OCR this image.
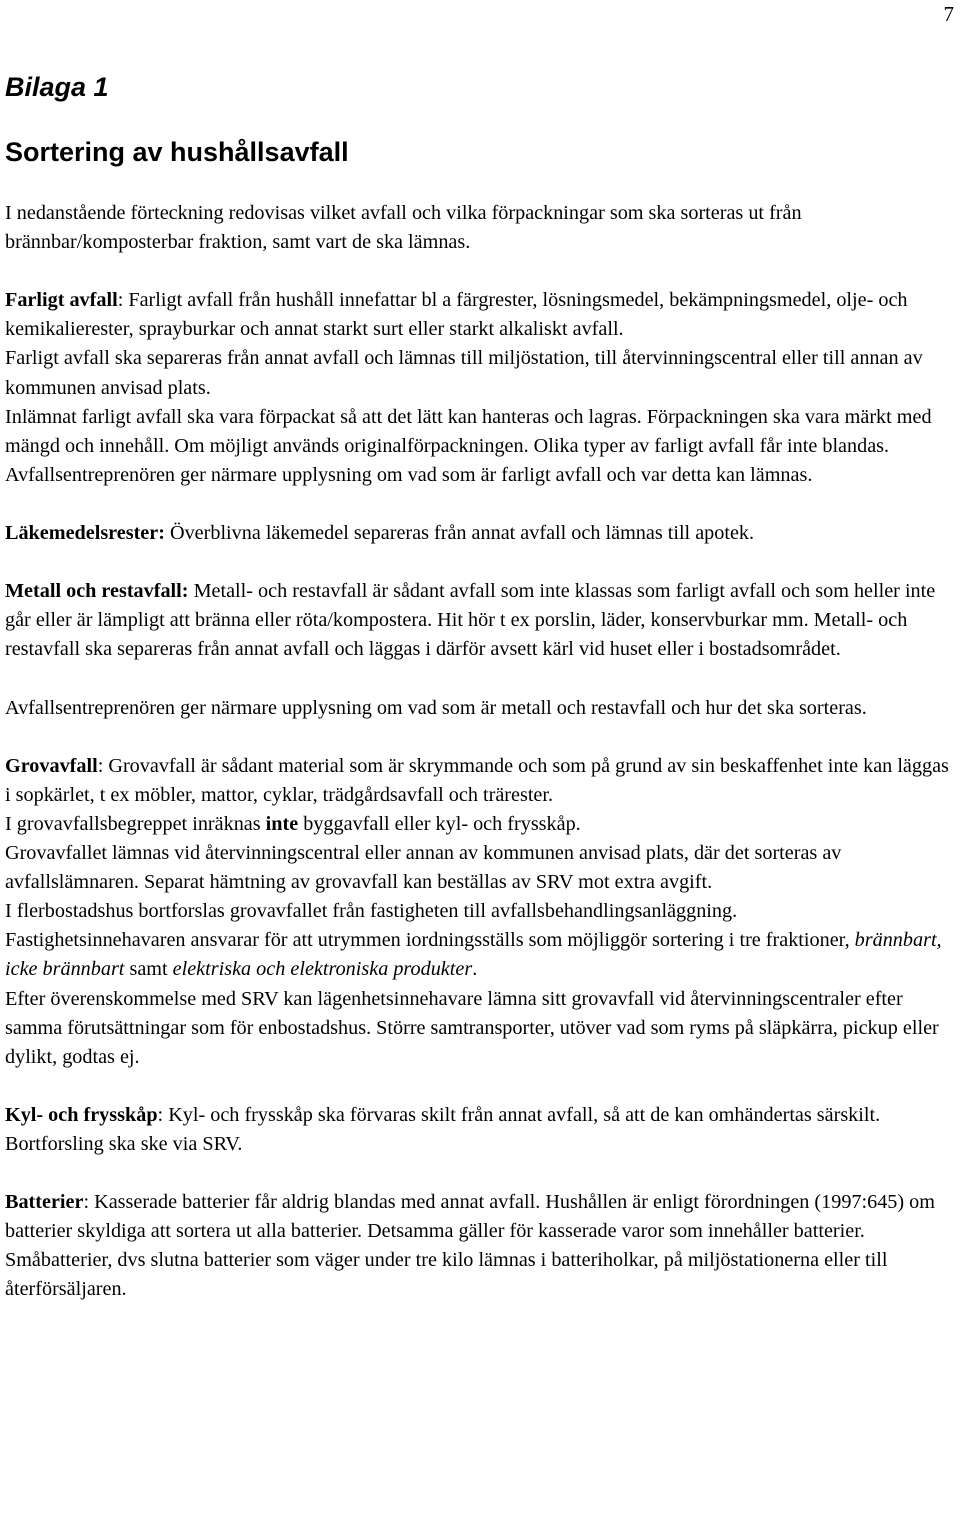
7
Bilaga 1
Sortering av hushållsavfall

I nedanstående förteckning redovisas vilket avfall och vilka förpackningar som ska sorteras ut från brännbar/komposterbar fraktion, samt vart de ska lämnas.

Farligt avfall: Farligt avfall från hushåll innefattar bl a färgrester, lösningsmedel, bekämpningsmedel, olje- och kemikalierester, sprayburkar och annat starkt surt eller starkt alkaliskt avfall.

Farligt avfall ska separeras från annat avfall och lämnas till miljöstation, till återvinningscentral eller till annan av kommunen anvisad plats.

Inlämnat farligt avfall ska vara förpackat så att det lätt kan hanteras och lagras. Förpackningen ska vara märkt med mängd och innehåll. Om möjligt används originalförpackningen. Olika typer av farligt avfall får inte blandas.

Avfallsentreprenören ger närmare upplysning om vad som är farligt avfall och var detta kan lämnas.

Läkemedelsrester: Överblivna läkemedel separeras från annat avfall och lämnas till apotek.

Metall och restavfall: Metall- och restavfall är sådant avfall som inte klassas som farligt avfall och som heller inte går eller är lämpligt att bränna eller röta/kompostera. Hit hör t ex porslin, läder, konservburkar mm. Metall- och restavfall ska separeras från annat avfall och läggas i därför avsett kärl vid huset eller i bostadsområdet.

Avfallsentreprenören ger närmare upplysning om vad som är metall och restavfall och hur det ska sorteras.

Grovavfall: Grovavfall är sådant material som är skrymmande och som på grund av sin beskaffenhet inte kan läggas i sopkärlet, t ex möbler, mattor, cyklar, trädgårdsavfall och trärester.

I grovavfallsbegreppet inräknas inte byggavfall eller kyl- och frysskåp.

Grovavfallet lämnas vid återvinningscentral eller annan av kommunen anvisad plats, där det sorteras av avfallslämnaren. Separat hämtning av grovavfall kan beställas av SRV mot extra avgift.

I flerbostadshus bortforslas grovavfallet från fastigheten till avfallsbehandlingsanläggning.

Fastighetsinnehavaren ansvarar för att utrymmen iordningsställs som möjliggör sortering i tre fraktioner, brännbart, icke brännbart samt elektriska och elektroniska produkter.

Efter överenskommelse med SRV kan lägenhetsinnehavare lämna sitt grovavfall vid återvinningscentraler efter samma förutsättningar som för enbostadshus. Större samtransporter, utöver vad som ryms på släpkärra, pickup eller dylikt, godtas ej.

Kyl- och frysskåp: Kyl- och frysskåp ska förvaras skilt från annat avfall, så att de kan omhändertas särskilt. Bortforsling ska ske via SRV.

Batterier: Kasserade batterier får aldrig blandas med annat avfall. Hushållen är enligt förordningen (1997:645) om batterier skyldiga att sortera ut alla batterier. Detsamma gäller för kasserade varor som innehåller batterier.

Småbatterier, dvs slutna batterier som väger under tre kilo lämnas i batteriholkar, på miljöstationerna eller till återförsäljaren.
